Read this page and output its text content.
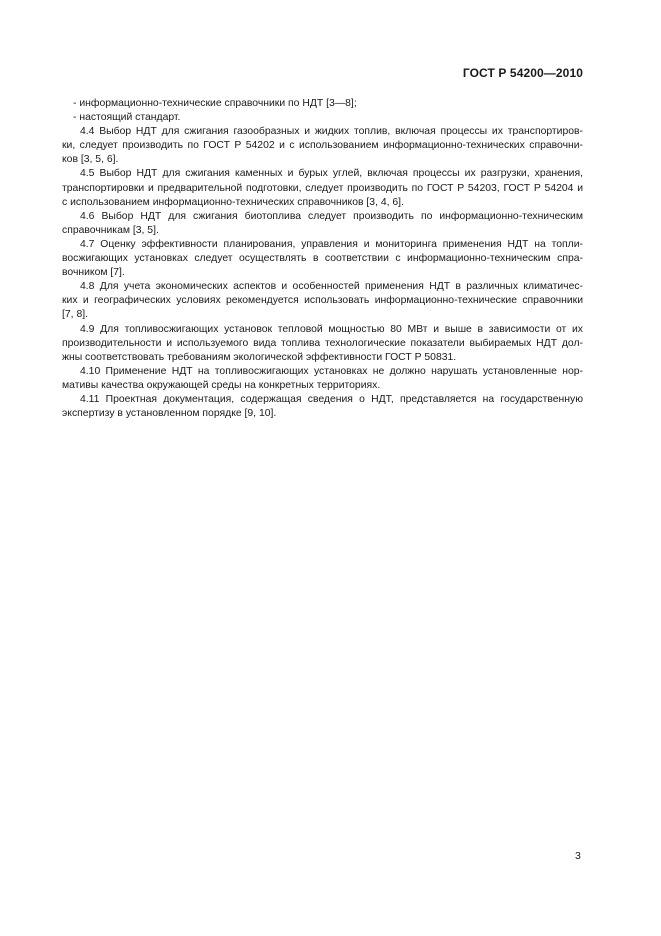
ГОСТ Р 54200—2010
- информационно-технические справочники по НДТ [3—8];
- настоящий стандарт.
4.4 Выбор НДТ для сжигания газообразных и жидких топлив, включая процессы их транспортиров-
ки, следует производить по ГОСТ Р 54202 и с использованием информационно-технических справочни-
ков [3, 5, 6].
4.5 Выбор НДТ для сжигания каменных и бурых углей, включая процессы их разгрузки, хранения,
транспортировки и предварительной подготовки, следует производить по ГОСТ Р 54203, ГОСТ Р 54204 и
с использованием информационно-технических справочников [3, 4, 6].
4.6 Выбор НДТ для сжигания биотоплива следует производить по информационно-техническим
справочникам [3, 5].
4.7 Оценку эффективности планирования, управления и мониторинга применения НДТ на топли-
восжигающих установках следует осуществлять в соответствии с информационно-техническим спра-
вочником [7].
4.8 Для учета экономических аспектов и особенностей применения НДТ в различных климатичес-
ких и географических условиях рекомендуется использовать информационно-технические справочники
[7, 8].
4.9 Для топливосжигающих установок тепловой мощностью 80 МВт и выше в зависимости от их
производительности и используемого вида топлива технологические показатели выбираемых НДТ дол-
жны соответствовать требованиям экологической эффективности ГОСТ Р 50831.
4.10 Применение НДТ на топливосжигающих установках не должно нарушать установленные нор-
мативы качества окружающей среды на конкретных территориях.
4.11 Проектная документация, содержащая сведения о НДТ, представляется на государственную
экспертизу в установленном порядке [9, 10].
3
